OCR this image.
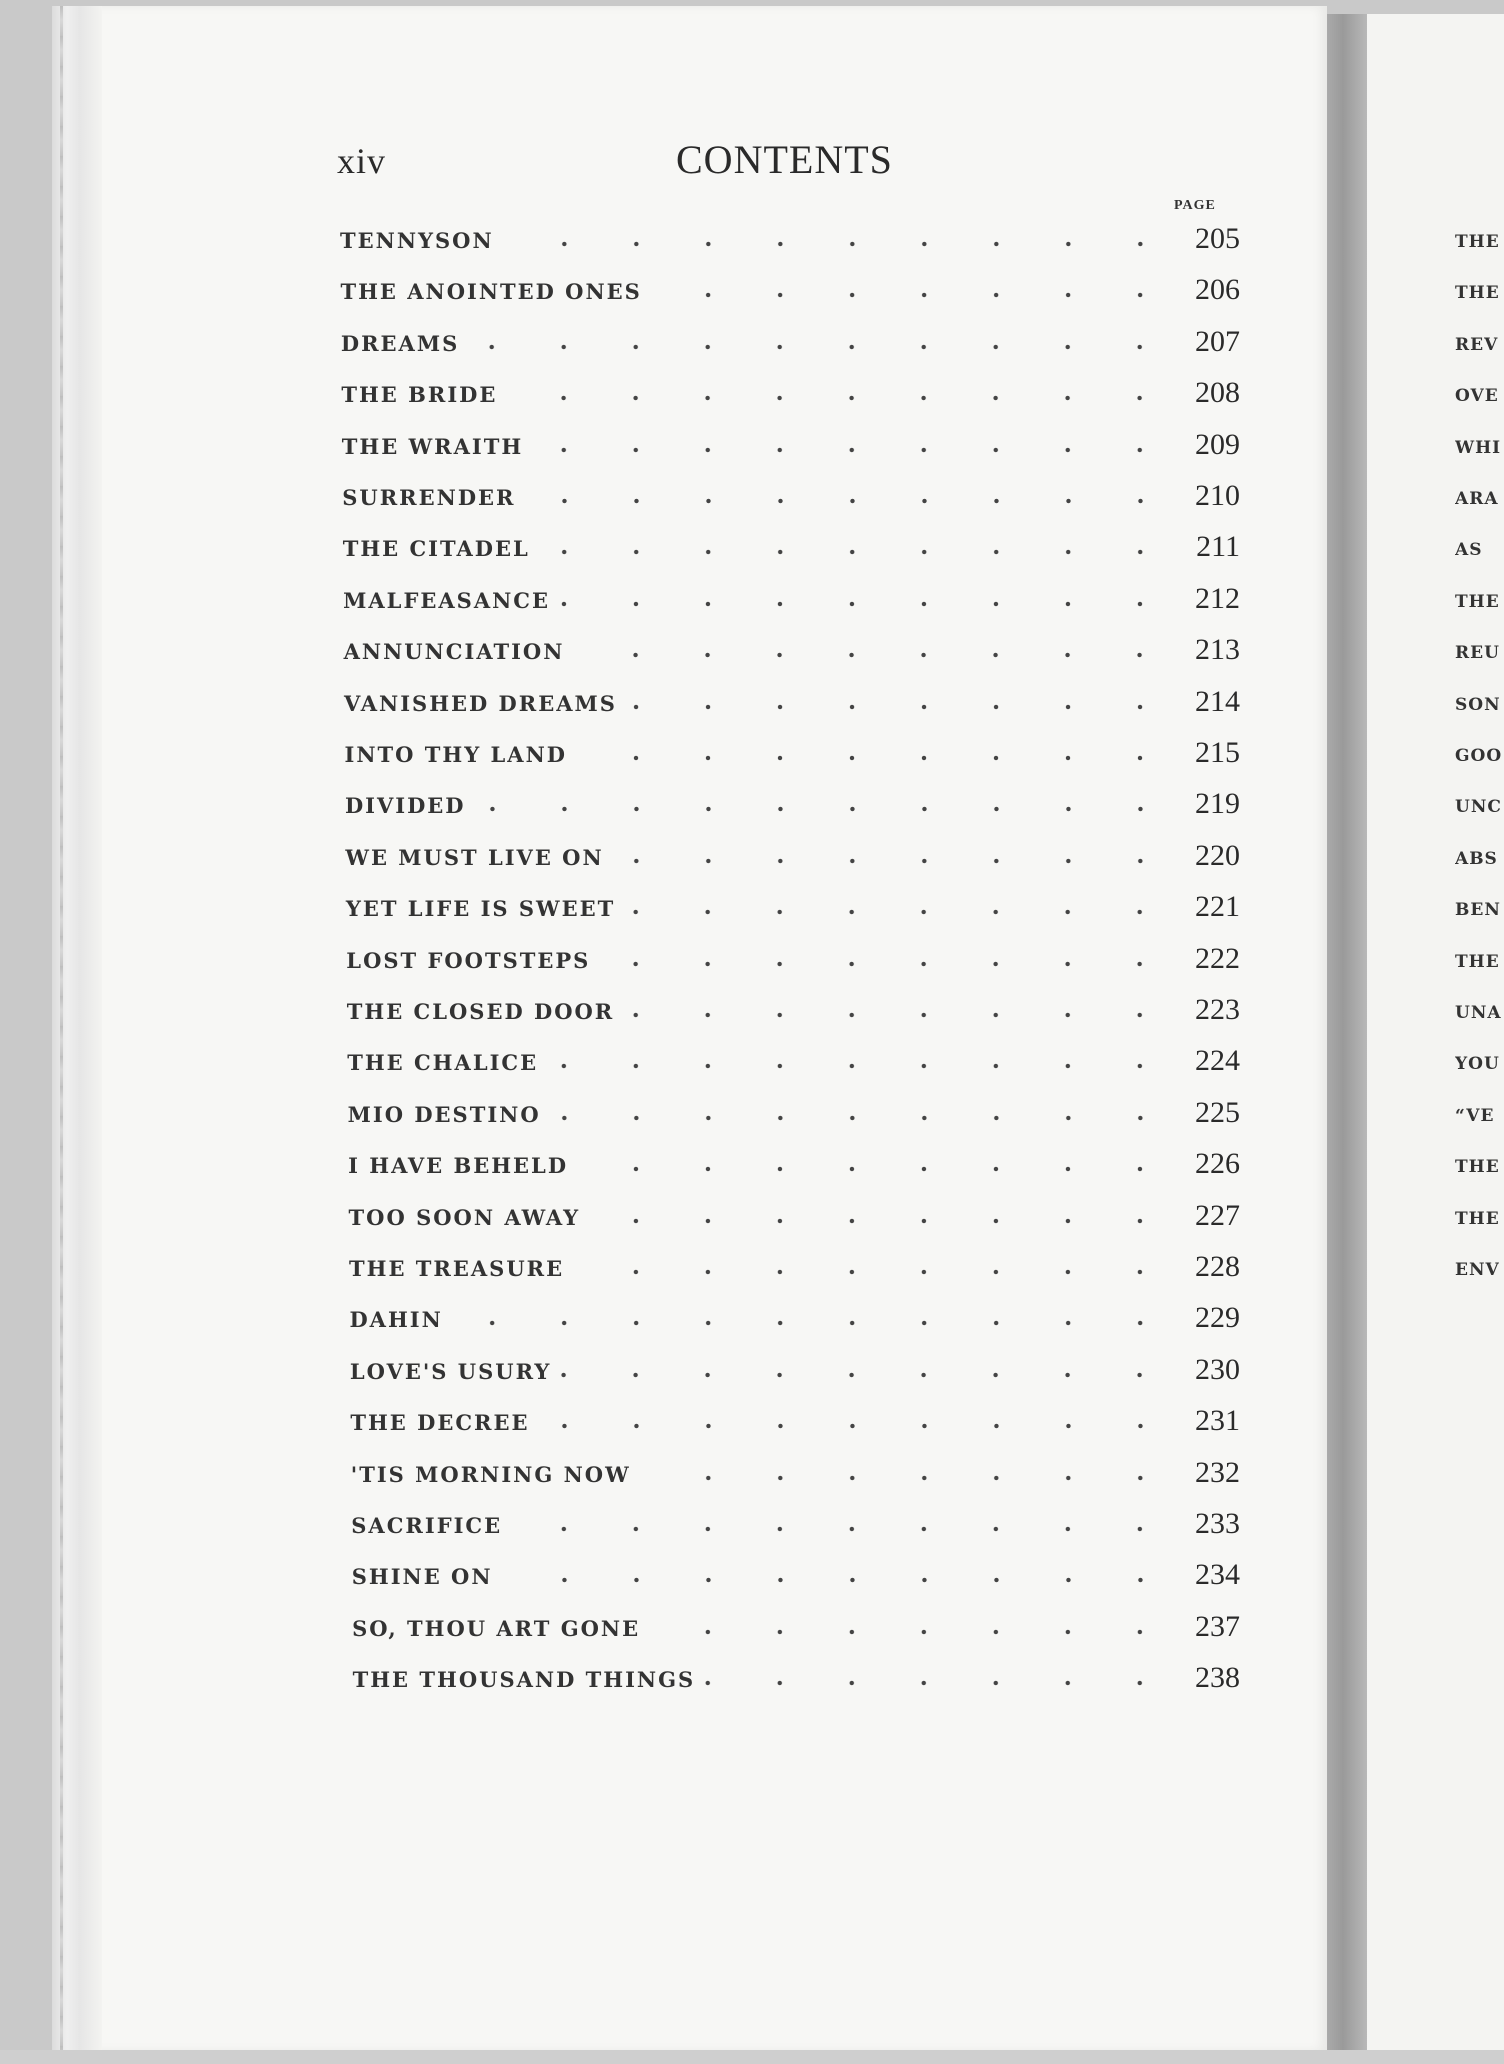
xiv	CONTENTS
PAGE
TENNYSON	205
THE ANOINTED ONES	206
DREAMS	207
THE BRIDE	208
THE WRAITH	209
SURRENDER	210
THE CITADEL	211
MALFEASANCE	212
ANNUNCIATION	213
VANISHED DREAMS	214
INTO THY LAND	215
DIVIDED	219
WE MUST LIVE ON	220
YET LIFE IS SWEET	221
LOST FOOTSTEPS	222
THE CLOSED DOOR	223
THE CHALICE	224
MIO DESTINO	225
I HAVE BEHELD	226
TOO SOON AWAY	227
THE TREASURE	228
DAHIN	229
LOVE'S USURY	230
THE DECREE	231
'TIS MORNING NOW	232
SACRIFICE	233
SHINE ON	234
SO, THOU ART GONE	237
THE THOUSAND THINGS	238
THE
THE
REV
OVE
WHI
ARA
AS
THE
REU
SON
GOO
UNC
ABS
BEN
THE
UNA
YOU
“VE
THE
THE
ENV
